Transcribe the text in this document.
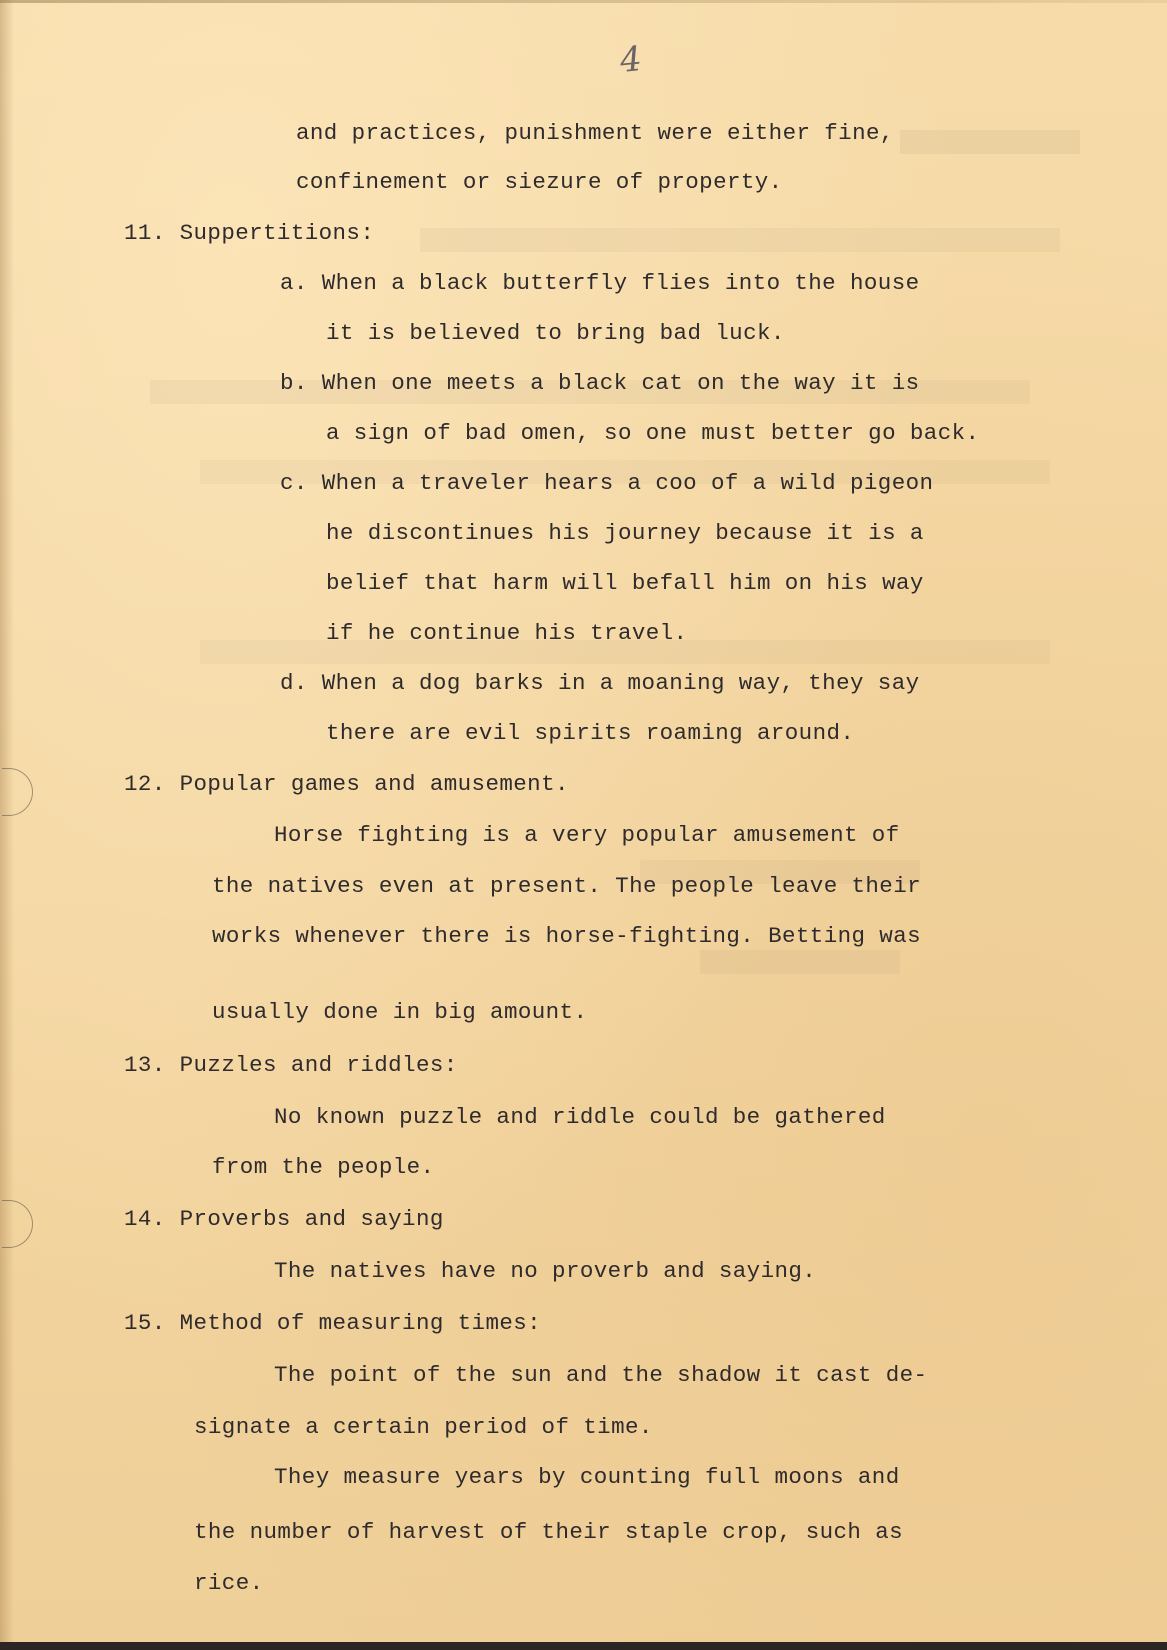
4
and practices, punishment were either fine,
confinement or siezure of property.
11. Suppertitions:
a. When a black butterfly flies into the house
it is believed to bring bad luck.
b. When one meets a black cat on the way it is
a sign of bad omen, so one must better go back.
c. When a traveler hears a coo of a wild pigeon
he discontinues his journey because it is a
belief that harm will befall him on his way
if he continue his travel.
d. When a dog barks in a moaning way, they say
there are evil spirits roaming around.
12. Popular games and amusement.
Horse fighting is a very popular amusement of
the natives even at present. The people leave their
works whenever there is horse-fighting. Betting was
usually done in big amount.
13. Puzzles and riddles:
No known puzzle and riddle could be gathered
from the people.
14. Proverbs and saying
The natives have no proverb and saying.
15. Method of measuring times:
The point of the sun and the shadow it cast de-
signate a certain period of time.
They measure years by counting full moons and
the number of harvest of their staple crop, such as
rice.
